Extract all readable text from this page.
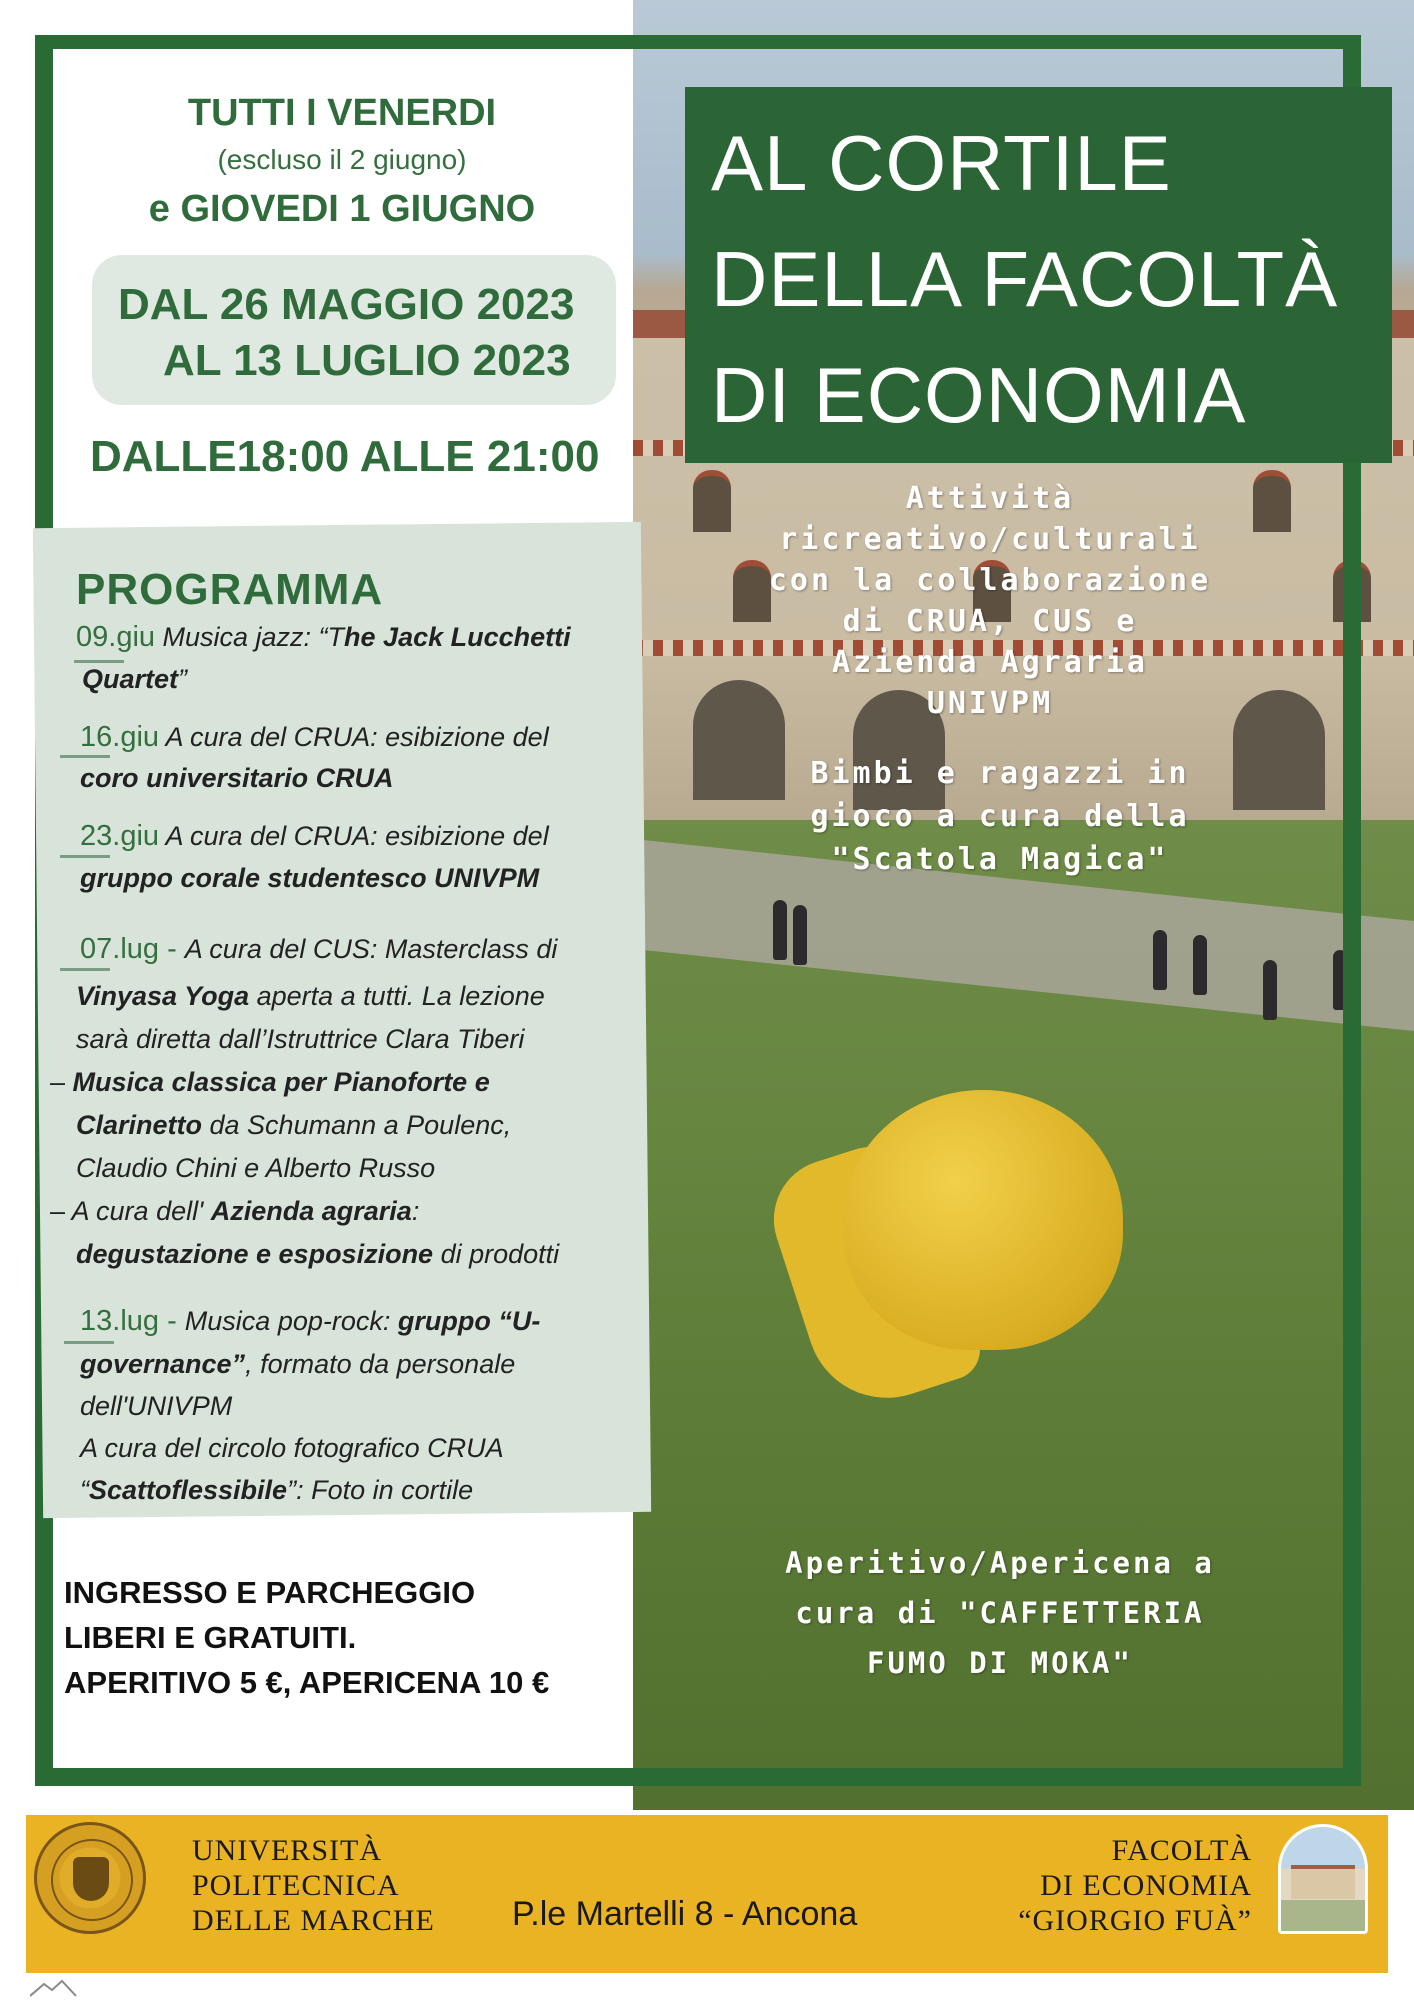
AL CORTILE
DELLA FACOLTÀ
DI ECONOMIA
TUTTI I VENERDI
(escluso il 2 giugno)
e GIOVEDI 1 GIUGNO
DAL 26 MAGGIO 2023
AL 13 LUGLIO 2023
DALLE18:00 ALLE 21:00
PROGRAMMA
09.giu Musica jazz: “The Jack Lucchetti
Quartet”
16.giu A cura del CRUA: esibizione del
coro universitario CRUA
23.giu A cura del CRUA: esibizione del
gruppo corale studentesco UNIVPM
07.lug - A cura del CUS: Masterclass di
Vinyasa Yoga aperta a tutti. La lezione
sarà diretta dall’Istruttrice Clara Tiberi
– Musica classica per Pianoforte e
Clarinetto da Schumann a Poulenc,
Claudio Chini e Alberto Russo
– A cura dell' Azienda agraria:
degustazione e esposizione di prodotti
13.lug - Musica pop-rock: gruppo “U-
governance”, formato da personale
dell'UNIVPM
A cura del circolo fotografico CRUA
“Scattoflessibile”: Foto in cortile
INGRESSO E PARCHEGGIO
LIBERI E GRATUITI.
APERITIVO 5 €, APERICENA 10 €
Attività
ricreativo/culturali
con la collaborazione
di CRUA, CUS e
Azienda Agraria
UNIVPM
Bimbi e ragazzi in
gioco a cura della
"Scatola Magica"
Aperitivo/Apericena a
cura di "CAFFETTERIA
FUMO DI MOKA"
UNIVERSITÀ
POLITECNICA
DELLE MARCHE P.le Martelli 8 - Ancona
FACOLTÀ
DI ECONOMIA
“GIORGIO FUÀ”
